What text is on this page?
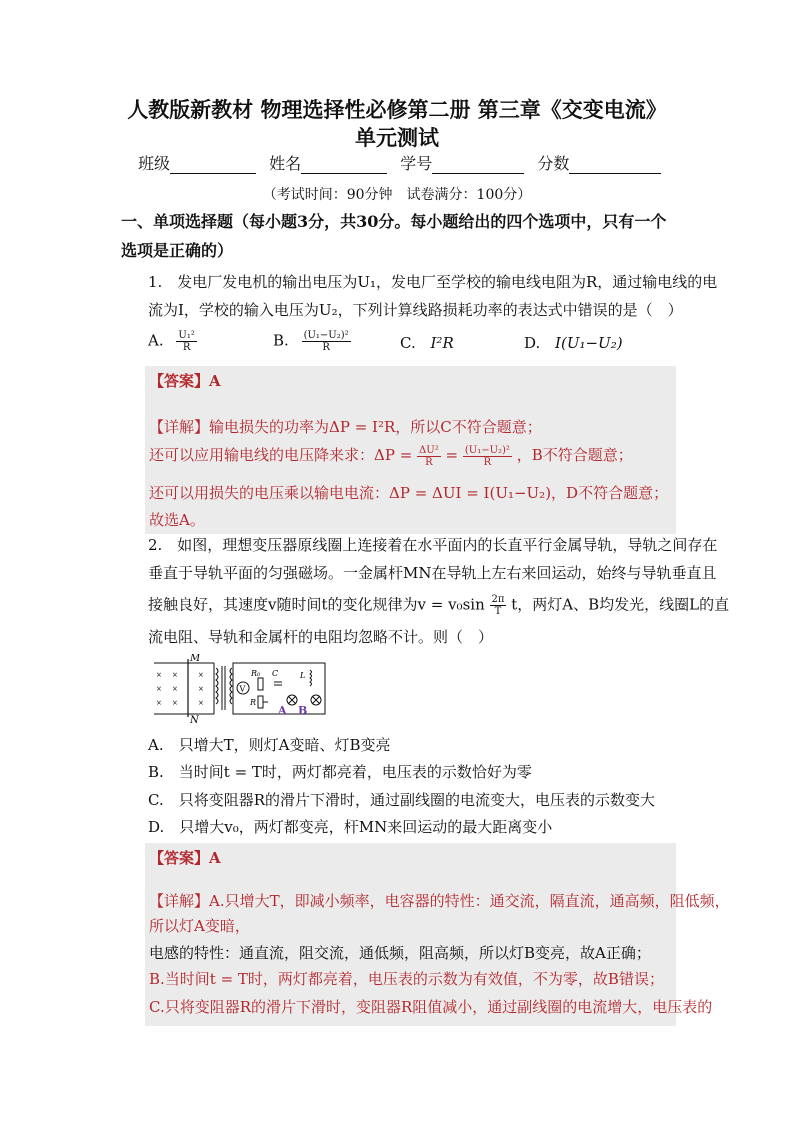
人教版新教材 物理选择性必修第二册 第三章《交变电流》
单元测试
班级	姓名	学号	分数
（考试时间：90分钟　试卷满分：100分）
一、单项选择题（每小题3分，共30分。每小题给出的四个选项中，只有一个
选项是正确的）
1.　发电厂发电机的输出电压为U₁，发电厂至学校的输电线电阻为R，通过输电线的电
流为I，学校的输入电压为U₂，下列计算线路损耗功率的表达式中错误的是（　）
A. $\frac{\text{U₁²}}{R}$	B. $\frac{\text{(U₁−U₂)²}}{R}$	C. I²R	D. I(U₁−U₂)
【答案】A
【详解】输电损失的功率为ΔP = I²R，所以C不符合题意；
还可以应用输电线的电压降来求：$\Delta P = \frac{\text{ΔU²}}{R} = \frac{\text{(U₁−U₂)²}}{R}$ ，B不符合题意；
还可以用损失的电压乘以输电电流：ΔP = ΔUI = I(U₁−U₂)，D不符合题意；
故选A。
2.　如图，理想变压器原线圈上连接着在水平面内的长直平行金属导轨，导轨之间存在
垂直于导轨平面的匀强磁场。一金属杆MN在导轨上左右来回运动，始终与导轨垂直且
接触良好，其速度v随时间t的变化规律为$v = v_0\sin \frac{2\pi}{T}$ t，两灯A、B均发光，线圈L的直
流电阻、导轨和金属杆的电阻均忽略不计。则（　）
M
N
× ×	×
× ×	×
× ×	×
V
R₀
R
C
A
L
B
A.　只增大T，则灯A变暗、灯B变亮
B.　当时间t = T时，两灯都亮着，电压表的示数恰好为零
C.　只将变阻器R的滑片下滑时，通过副线圈的电流变大，电压表的示数变大
D.　只增大v₀，两灯都变亮，杆MN来回运动的最大距离变小
【答案】A
【详解】A.只增大T，即减小频率，电容器的特性：通交流，隔直流，通高频，阻低频，
所以灯A变暗，
电感的特性：通直流，阻交流，通低频，阻高频，所以灯B变亮，故A正确；
B.当时间t = T时，两灯都亮着，电压表的示数为有效值，不为零，故B错误；
C.只将变阻器R的滑片下滑时，变阻器R阻值减小，通过副线圈的电流增大，电压表的
